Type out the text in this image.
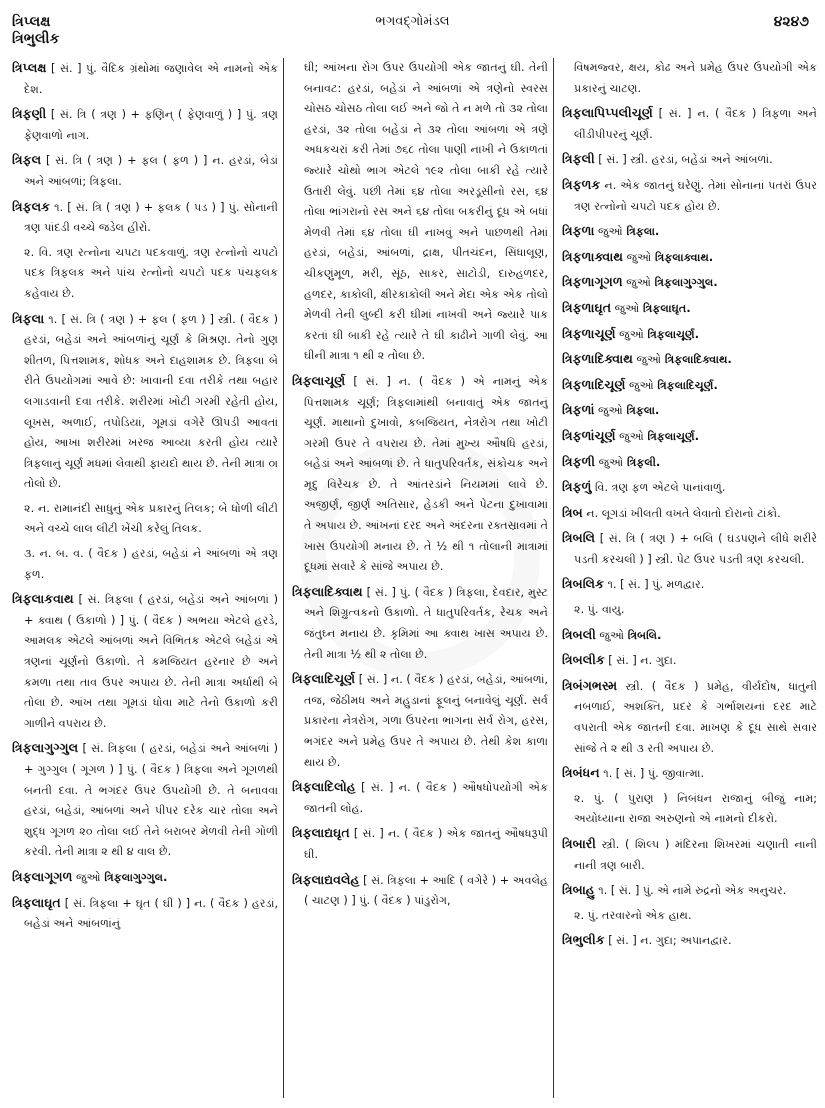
ત્રિપ્લક્ષ
ત્રિભુલીક
ભગવદ્ગોમંડલ	૪૨૪૭

ત્રિપ્લક્ષ [ સં. ] પું. વૈદિક ગ્રંથોમાં જણાવેલ એ નામનો એક દેશ.

ત્રિફણી [ સં. ત્રિ ( ત્રણ ) + ફણિન્ ( ફેણવાળું ) ] પું. ત્રણ ફેણવાળો નાગ.

ત્રિફલ [ સં. ત્રિ ( ત્રણ ) + ફલ ( ફળ ) ] ન. હરડાં, બેડાં અને આંબળાં; ત્રિફલા.

ત્રિફલક ૧. [ સં. ત્રિ ( ત્રણ ) + ફલક ( પડ ) ] પું. સોનાની ત્રણ પાંદડી વચ્ચે જડેલ હીરો.

૨. વિ. ત્રણ રત્નોના ચપટા પદકવાળું. ત્રણ રત્નોનો ચપટો પદક ત્રિફલક અને પાંચ રત્નોનો ચપટો પદક પંચફલક કહેવાય છે.

ત્રિફલા ૧. [ સં. ત્રિ ( ત્રણ ) + ફલ ( ફળ ) ] સ્ત્રી. ( વૈદક ) હરડાં, બહેડાં અને આંબળાંનું ચૂર્ણ કે મિશ્રણ. તેનો ગુણ શીતળ, પિત્તશામક, શોધક અને દાહશામક છે. ત્રિફલા બે રીતે ઉપયોગમાં આવે છે: ખાવાની દવા તરીકે તથા બહાર લગાડવાની દવા તરીકે. શરીરમાં ખોટી ગરમી રહેતી હોય, લૂખસ, અળાઈ, તપોડિયાં, ગૂમડાં વગેરે ઊપડી આવતાં હોય, આખા શરીરમાં ખરજ આવ્યા કરતી હોય ત્યારે ત્રિફલાનું ચૂર્ણ મધમાં લેવાથી ફાયદો થાય છે. તેની માત્રા ૦ા તોલો છે.

૨. ન. રામાનંદી સાધુનું એક પ્રકારનું તિલક; બે ધોળી લીટી અને વચ્ચે લાલ લીટી ખેંચી કરેલું તિલક.

૩. ન. બ. વ. ( વૈદક ) હરડાં, બહેડાં ને આંબળાં એ ત્રણ ફળ.

ત્રિફલાકવાથ [ સં. ત્રિફલા ( હરડાં, બહેડાં અને આંબળાં ) + ક્વાથ ( ઉકાળો ) ] પું. ( વૈદક ) અભયા એટલે હરડે, આમલક એટલે આંબળાં અને વિભિતક એટલે બહેડાં એ ત્રણનાં ચૂર્ણનો ઉકાળો. તે કમજિયત હરનાર છે અને કમળા તથા તાવ ઉપર અપાય છે. તેની માત્રા અર્ધાથી બે તોલા છે. આંખ તથા ગૂમડાં ધોવા માટે તેનો ઉકાળો કરી ગાળીને વપરાય છે.

ત્રિફલાગુગ્ગુલ [ સં. ત્રિફલા ( હરડાં, બહેડાં અને આંબળાં ) + ગુગ્ગુલ ( ગૂગળ ) ] પું. ( વૈદક ) ત્રિફલા અને ગૂગળથી બનતી દવા. તે ભગંદર ઉપર ઉપયોગી છે. તે બનાવવા હરડાં, બહેડાં, આંબળાં અને પીપર દરેક ચાર તોલા અને શુદ્ધ ગૂગળ ૨૦ તોલા લઈ તેને બરાબર મેળવી તેની ગોળી કરવી. તેની માત્રા ૨ થી ૪ વાલ છે.

ત્રિફલાગૂગળ જુઓ ત્રિફલાગુગ્ગુલ.

ત્રિફલાઘૃત [ સં. ત્રિફલા + ઘૃત ( ઘી ) ] ન. ( વૈદક ) હરડાં, બહેડાં અને આંબળાંનું

ઘી; આંખના રોગ ઉપર ઉપયોગી એક જાતનું ઘી. તેની બનાવટ: હરડાં, બહેડાં ને આંબળાં એ ત્રણેનો સ્વરસ ચોસઠ ચોસઠ તોલા લઈ અને જો તે ન મળે તો ૩૨ તોલા હરડાં, ૩૨ તોલા બહેડાં ને ૩૨ તોલા આંબળાં એ ત્રણે અધકચરાં કરી તેમાં ૭૬૮ તોલા પાણી નાખી ને ઉકાળતાં જ્યારે ચોથો ભાગ એટલે ૧૯૨ તોલા બાકી રહે ત્યારે ઉતારી લેવું. પછી તેમાં ૬૪ તોલા અરડૂસીનો રસ, ૬૪ તોલા ભાંગરાનો રસ અને ૬૪ તોલા બકરીનું દૂધ એ બધાં મેળવી તેમાં ૬૪ તોલા ઘી નાખવું અને પાછળથી તેમાં હરડાં, બહેડાં, આંબળાં, દ્રાક્ષ, પીતચંદન, સિંધાલૂણ, ચીકણુંમૂળ, મરી, સૂંઠ, સાકર, સાટોડી, દારુહળદર, હળદર, કાકોલી, ક્ષીરકાકોલી અને મેદા એક એક તોલો મેળવી તેની લુબ્દી કરી ઘીમાં નાખવી અને જ્યારે પાક કરતાં ઘી બાકી રહે ત્યારે તે ઘી કાઢીને ગાળી લેવું. આ ઘીની માત્રા ૧ થી ૨ તોલા છે.

ત્રિફલાચૂર્ણ [ સં. ] ન. ( વૈદક ) એ નામનું એક પિત્તશામક ચૂર્ણ; ત્રિફલામાંથી બનાવાતું એક જાતનું ચૂર્ણ. માથાનો દુખાવો, કબજિયત, નેત્રરોગ તથા ખોટી ગરમી ઉપર તે વપરાય છે. તેમાં મુખ્ય ઔષધિ હરડાં, બહેડાં અને આંબળાં છે. તે ધાતુપરિવર્તક, સંકોચક અને મૃદુ વિરેચક છે. તે આંતરડાંને નિયમમાં લાવે છે. અજીર્ણ, જીર્ણ અતિસાર, હેડકી અને પેટના દુખાવામાં તે અપાય છે. આંખનાં દરદ અને અંદરના રક્તસ્રાવમાં તે ખાસ ઉપયોગી મનાય છે. તે ½ થી ૧ તોલાની માત્રામાં દૂધમાં સવારે કે સાંજે અપાય છે.

ત્રિફલાદિક્વાથ [ સં. ] પું. ( વૈદક ) ત્રિફલા, દેવદાર, મુસ્ટ અને શિગ્રુત્વકનો ઉકાળો. તે ધાતુપરિવર્તક, રેચક અને જંતુઘ્ન મનાય છે. કૃમિમાં આ ક્વાથ ખાસ અપાય છે. તેની માત્રા ½ થી ૨ તોલા છે.

ત્રિફલાદિચૂર્ણ [ સં. ] ન. ( વૈદક ) હરડાં, બહેડાં, આંબળાં, તજ, જેઠીમધ અને મહુડાનાં ફૂલનું બનાવેલું ચૂર્ણ. સર્વ પ્રકારના નેત્રરોગ, ગળા ઉપરના ભાગના સર્વ રોગ, હરસ, ભગંદર અને પ્રમેહ ઉપર તે અપાય છે. તેથી કેશ કાળા થાય છે.

ત્રિફલાદિલોહ [ સં. ] ન. ( વૈદક ) ઔષધોપયોગી એક જાતની લોહ.

ત્રિફલાદ્યઘૃત [ સં. ] ન. ( વૈદક ) એક જાતનું ઔષધરૂપી ઘી.

ત્રિફલાદ્યવલેહ [ સં. ત્રિફલા + આદિ ( વગેરે ) + અવલેહ ( ચાટણ ) ] પું. ( વૈદક ) પાંડુરોગ,

વિષમજ્વર, ક્ષય, કોઢ અને પ્રમેહ ઉપર ઉપયોગી એક પ્રકારનું ચાટણ.

ત્રિફલાપિપ્પલીચૂર્ણ [ સં. ] ન. ( વૈદક ) ત્રિફળા અને લીંડીપીપરનું ચૂર્ણ.

ત્રિફલી [ સં. ] સ્ત્રી. હરડાં, બહેડાં અને આંબળાં.

ત્રિફળક ન. એક જાતનું ઘરેણું. તેમાં સોનાનાં પતરાં ઉપર ત્રણ રત્નોનો ચપટો પદક હોય છે.

ત્રિફળા જુઓ ત્રિફલા.

ત્રિફળાક્વાથ જુઓ ત્રિફલાક્વાથ.

ત્રિફળાગૂગળ જુઓ ત્રિફલાગુગ્ગુલ.

ત્રિફળાઘૃત જુઓ ત્રિફલાઘૃત.

ત્રિફળાચૂર્ણ જુઓ ત્રિફલાચૂર્ણ.

ત્રિફળાદિક્વાથ જુઓ ત્રિફલાદિક્વાથ.

ત્રિફળાદિચૂર્ણ જુઓ ત્રિફલાદિચૂર્ણ.

ત્રિફળાં જુઓ ત્રિફલા.

ત્રિફળાંચૂર્ણ જુઓ ત્રિફલાચૂર્ણ.

ત્રિફળી જુઓ ત્રિફલી.

ત્રિફળું વિ. ત્રણ ફળ એટલે પાનાંવાળું.

ત્રિબ ન. લૂગડાં ખીલતી વખતે લેવાતો દોરાનો ટાંકો.

ત્રિબલિ [ સં. ત્રિ ( ત્રણ ) + બલિ ( ઘડપણને લીધે શરીરે પડતી કરચલી ) ] સ્ત્રી. પેટ ઉપર પડતી ત્રણ કરચલી.

ત્રિબલિક ૧. [ સં. ] પું. મળદ્વાર.

૨. પું. વાયુ.

ત્રિબલી જુઓ ત્રિબલિ.

ત્રિબલીક [ સં. ] ન. ગુદા.

ત્રિબંગભસ્મ સ્ત્રી. ( વૈદક ) પ્રમેહ, વીર્યદોષ, ધાતુની નબળાઈ, અશક્તિ, પ્રદર કે ગર્ભાશયનાં દરદ માટે વપરાતી એક જાતની દવા. માખણ કે દૂધ સાથે સવાર સાંજે તે ૨ થી ૩ રતી અપાય છે.

ત્રિબંધન ૧. [ સં. ] પું. જીવાત્મા.

૨. પું. ( પુરાણ ) નિબંધન રાજાનું બીજું નામ; અયોધ્યાના રાજા અરુણનો એ નામનો દીકરો.

ત્રિબારી સ્ત્રી. ( શિલ્પ ) મંદિરના શિખરમાં ચણાતી નાની નાની ત્રણ બારી.

ત્રિબાહુ ૧. [ સં. ] પું. એ નામે રુદ્રનો એક અનુચર.

૨. પું. તરવારનો એક હાથ.

ત્રિભુલીક [ સં. ] ન. ગુદા; અપાનદ્વાર.
